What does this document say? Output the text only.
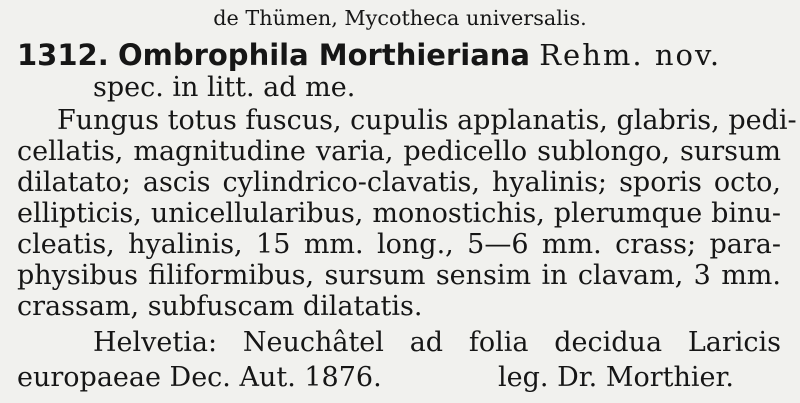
de Thümen, Mycotheca universalis.
1312. Ombrophila Morthieriana Rehm. nov.
spec. in litt. ad me.
Fungus totus fuscus, cupulis applanatis, glabris, pedi-
cellatis, magnitudine varia, pedicello sublongo, sursum
dilatato; ascis cylindrico-clavatis, hyalinis; sporis octo,
ellipticis, unicellularibus, monostichis, plerumque binu-
cleatis, hyalinis, 15 mm. long., 5—6 mm. crass; para-
physibus filiformibus, sursum sensim in clavam, 3 mm.
crassam, subfuscam dilatatis.
Helvetia: Neuchâtel ad folia decidua Laricis
europaeae Dec. Aut. 1876.	leg. Dr. Morthier.
